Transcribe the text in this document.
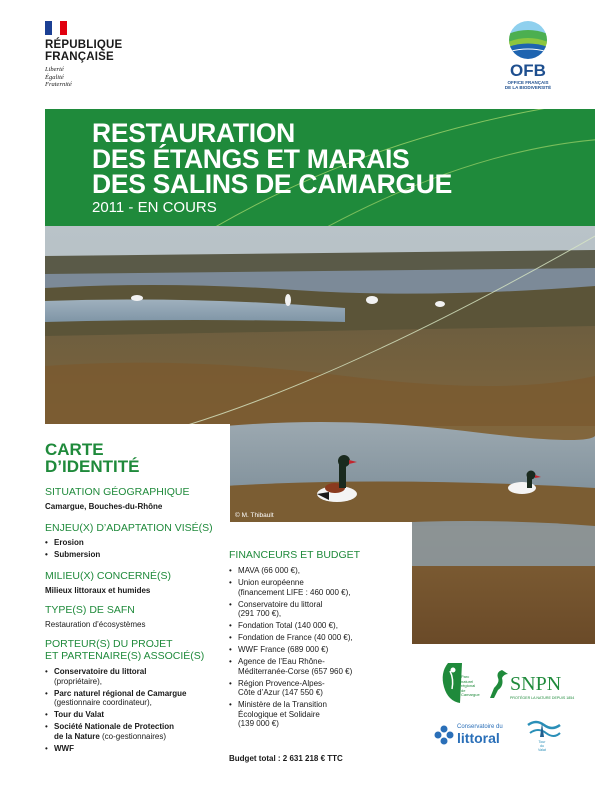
RÉPUBLIQUE
FRANÇAISE
Liberté
Égalité
Fraternité
OFB
OFFICE FRANÇAIS
DE LA BIODIVERSITÉ
RESTAURATION
DES ÉTANGS ET MARAIS
DES SALINS DE CAMARGUE
2011 - EN COURS
© M. Thibault
CARTE
D’IDENTITÉ
SITUATION GÉOGRAPHIQUE
Camargue, Bouches-du-Rhône
ENJEU(X) D’ADAPTATION VISÉ(S)
• Erosion
• Submersion
MILIEU(X) CONCERNÉ(S)
Milieux littoraux et humides
TYPE(S) DE SAFN
Restauration d’écosystèmes
PORTEUR(S) DU PROJET
ET PARTENAIRE(S) ASSOCIÉ(S)
• Conservatoire du littoral
(propriétaire),
• Parc naturel régional de Camargue
(gestionnaire coordinateur),
• Tour du Valat
• Société Nationale de Protection
de la Nature (co-gestionnaires)
• WWF
FINANCEURS ET BUDGET
• MAVA (66 000 €),
• Union européenne
(financement LIFE : 460 000 €),
• Conservatoire du littoral
(291 700 €),
• Fondation Total (140 000 €),
• Fondation de France (40 000 €),
• WWF France (689 000 €)
• Agence de l’Eau Rhône-
Méditerranée-Corse (657 960 €)
• Région Provence-Alpes-
Côte d’Azur (147 550 €)
• Ministère de la Transition
Écologique et Solidaire
(139 000 €)
Budget total : 2 631 218 € TTC
Parc
naturel
régional
de Camargue SNPN
PROTÉGER LA NATURE DEPUIS 1854
Conservatoire du
littoral	Tour
du
Valat
